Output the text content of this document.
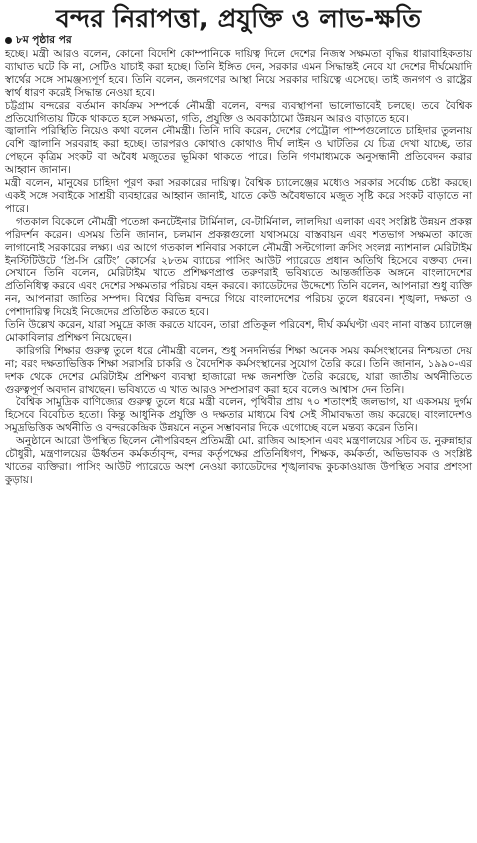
বন্দর নিরাপত্তা, প্রযুক্তি ও লাভ-ক্ষতি
৮ম পৃষ্ঠার পর

হচ্ছে। মন্ত্রী আরও বলেন, কোনো বিদেশি কোম্পানিকে দায়িত্ব দিলে দেশের নিজস্ব সক্ষমতা বৃদ্ধির ধারাবাহিকতায় ব্যাঘাত ঘটে কি না, সেটিও যাচাই করা হচ্ছে। তিনি ইঙ্গিত দেন, সরকার এমন সিদ্ধান্তই নেবে যা দেশের দীর্ঘমেয়াদি স্বার্থের সঙ্গে সামঞ্জস্যপূর্ণ হবে। তিনি বলেন, জনগণের আস্থা নিয়ে সরকার দায়িত্বে এসেছে। তাই জনগণ ও রাষ্ট্রের স্বার্থ ধারণ করেই সিদ্ধান্ত নেওয়া হবে।

চট্টগ্রাম বন্দরের বর্তমান কার্যক্রম সম্পর্কে নৌমন্ত্রী বলেন, বন্দর ব্যবস্থাপনা ভালোভাবেই চলছে। তবে বৈশ্বিক প্রতিযোগিতায় টিকে থাকতে হলে সক্ষমতা, গতি, প্রযুক্তি ও অবকাঠামো উন্নয়ন আরও বাড়াতে হবে।

জ্বালানি পরিস্থিতি নিয়েও কথা বলেন নৌমন্ত্রী। তিনি দাবি করেন, দেশের পেট্রোল পাম্পগুলোতে চাহিদার তুলনায় বেশি জ্বালানি সরবরাহ করা হচ্ছে। তারপরও কোথাও কোথাও দীর্ঘ লাইন ও ঘাটতির যে চিত্র দেখা যাচ্ছে, তার পেছনে কৃত্রিম সংকট বা অবৈধ মজুতের ভূমিকা থাকতে পারে। তিনি গণমাধ্যমকে অনুসন্ধানী প্রতিবেদন করার আহ্বান জানান।

মন্ত্রী বলেন, মানুষের চাহিদা পূরণ করা সরকারের দায়িত্ব। বৈশ্বিক চ্যালেঞ্জের মধ্যেও সরকার সর্বোচ্চ চেষ্টা করছে। একই সঙ্গে সবাইকে সাশ্রয়ী ব্যবহারের আহ্বান জানাই, যাতে কেউ অবৈধভাবে মজুত সৃষ্টি করে সংকট বাড়াতে না পারে।

গতকাল বিকেলে নৌমন্ত্রী পতেঙ্গা কনটেইনার টার্মিনাল, বে-টার্মিনাল, লালদিয়া এলাকা এবং সংশ্লিষ্ট উন্নয়ন প্রকল্প পরিদর্শন করেন। এসময় তিনি জানান, চলমান প্রকল্পগুলো যথাসময়ে বাস্তবায়ন এবং শতভাগ সক্ষমতা কাজে লাগানোই সরকারের লক্ষ্য। এর আগে গতকাল শনিবার সকালে নৌমন্ত্রী সল্টগোলা ক্রসিং সংলগ্ন ন্যাশনাল মেরিটাইম ইনস্টিটিউটে ‘প্রি-সি রেটিং’ কোর্সের ২৮তম ব্যাচের পাসিং আউট প্যারেডে প্রধান অতিথি হিসেবে বক্তব্য দেন। সেখানে তিনি বলেন, মেরিটাইম খাতে প্রশিক্ষণপ্রাপ্ত তরুণরাই ভবিষ্যতে আন্তর্জাতিক অঙ্গনে বাংলাদেশের প্রতিনিধিত্ব করবে এবং দেশের সক্ষমতার পরিচয় বহন করবে। ক্যাডেটদের উদ্দেশ্যে তিনি বলেন, আপনারা শুধু ব্যক্তি নন, আপনারা জাতির সম্পদ। বিশ্বের বিভিন্ন বন্দরে গিয়ে বাংলাদেশের পরিচয় তুলে ধরবেন। শৃঙ্খলা, দক্ষতা ও পেশাদারিত্ব দিয়েই নিজেদের প্রতিষ্ঠিত করতে হবে।

তিনি উল্লেখ করেন, যারা সমুদ্রে কাজ করতে যাবেন, তারা প্রতিকূল পরিবেশ, দীর্ঘ কর্মঘণ্টা এবং নানা বাস্তব চ্যালেঞ্জ মোকাবিলার প্রশিক্ষণ নিয়েছেন।

কারিগরি শিক্ষার গুরুত্ব তুলে ধরে নৌমন্ত্রী বলেন, শুধু সনদনির্ভর শিক্ষা অনেক সময় কর্মসংস্থানের নিশ্চয়তা দেয় না; বরং দক্ষতাভিত্তিক শিক্ষা সরাসরি চাকরি ও বৈদেশিক কর্মসংস্থানের সুযোগ তৈরি করে। তিনি জানান, ১৯৯০-এর দশক থেকে দেশের মেরিটাইম প্রশিক্ষণ ব্যবস্থা হাজারো দক্ষ জনশক্তি তৈরি করেছে, যারা জাতীয় অর্থনীতিতে গুরুত্বপূর্ণ অবদান রাখছেন। ভবিষ্যতে এ খাত আরও সম্প্রসারণ করা হবে বলেও আশ্বাস দেন তিনি।

বৈশ্বিক সামুদ্রিক বাণিজ্যের গুরুত্ব তুলে ধরে মন্ত্রী বলেন, পৃথিবীর প্রায় ৭০ শতাংশই জলভাগ, যা একসময় দুর্গম হিসেবে বিবেচিত হতো। কিন্তু আধুনিক প্রযুক্তি ও দক্ষতার মাধ্যমে বিশ্ব সেই সীমাবদ্ধতা জয় করেছে। বাংলাদেশও সমুদ্রভিত্তিক অর্থনীতি ও বন্দরকেন্দ্রিক উন্নয়নে নতুন সম্ভাবনার দিকে এগোচ্ছে বলে মন্তব্য করেন তিনি।

অনুষ্ঠানে আরো উপস্থিত ছিলেন নৌপরিবহন প্রতিমন্ত্রী মো. রাজিব আহসান এবং মন্ত্রণালয়ের সচিব ড. নুরুন্নাহার চৌধুরী, মন্ত্রণালয়ের ঊর্ধ্বতন কর্মকর্তাবৃন্দ, বন্দর কর্তৃপক্ষের প্রতিনিধিগণ, শিক্ষক, কর্মকর্তা, অভিভাবক ও সংশ্লিষ্ট খাতের ব্যক্তিরা। পাসিং আউট প্যারেডে অংশ নেওয়া ক্যাডেটদের শৃঙ্খলাবদ্ধ কুচকাওয়াজ উপস্থিত সবার প্রশংসা কুড়ায়।
